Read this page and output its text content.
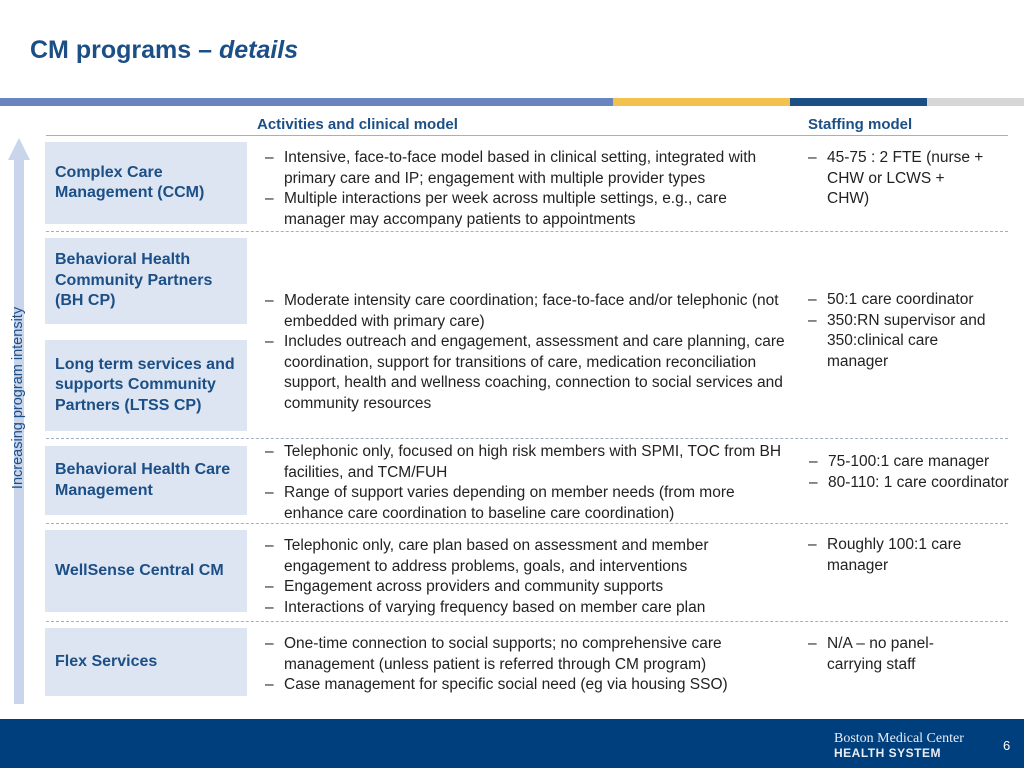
CM programs – details
Activities and clinical model	Staffing model
Increasing program intensity
Complex Care Management (CCM)
Behavioral Health Community Partners (BH CP)
Long term services and supports Community Partners (LTSS CP)
Behavioral Health Care Management
WellSense Central CM
Flex Services
– Intensive, face-to-face model based in clinical setting, integrated with primary care and IP; engagement with multiple provider types
– Multiple interactions per week across multiple settings, e.g., care manager may accompany patients to appointments
– Moderate intensity care coordination; face-to-face and/or telephonic (not embedded with primary care)
– Includes outreach and engagement, assessment and care planning, care coordination, support for transitions of care, medication reconciliation support, health and wellness coaching, connection to social services and community resources
– Telephonic only, focused on high risk members with SPMI, TOC from BH facilities, and TCM/FUH
– Range of support varies depending on member needs (from more enhance care coordination to baseline care coordination)
– Telephonic only, care plan based on assessment and member engagement to address problems, goals, and interventions
– Engagement across providers and community supports
– Interactions of varying frequency based on member care plan
– One-time connection to social supports; no comprehensive care management (unless patient is referred through CM program)
– Case management for specific social need (eg via housing SSO)
– 45-75 : 2 FTE (nurse + CHW or LCWS + CHW)
– 50:1 care coordinator
– 350:RN supervisor and 350:clinical care manager
– 75-100:1 care manager
– 80-110: 1 care coordinator
– Roughly 100:1 care manager
– N/A – no panel-carrying staff
Boston Medical Center
HEALTH SYSTEM	6
